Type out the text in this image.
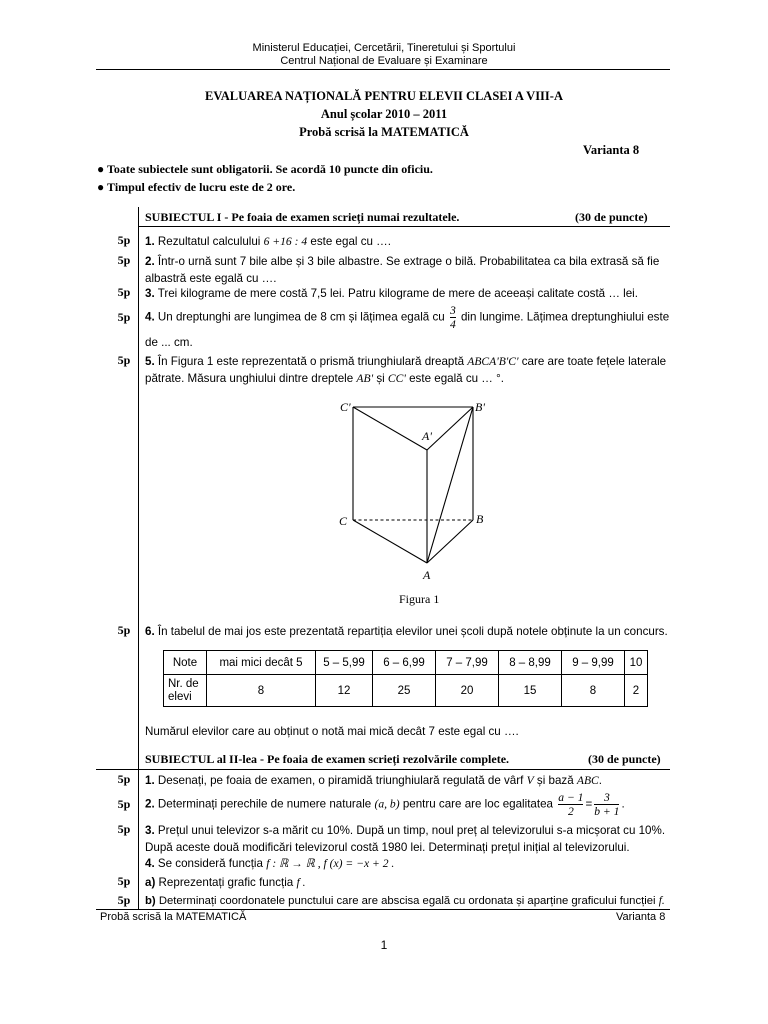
Ministerul Educației, Cercetării, Tineretului și Sportului
Centrul Național de Evaluare și Examinare
EVALUAREA NAȚIONALĂ PENTRU ELEVII CLASEI A VIII-A
Anul școlar 2010 – 2011
Probă scrisă la MATEMATICĂ
Varianta 8
● Toate subiectele sunt obligatorii. Se acordă 10 puncte din oficiu.
● Timpul efectiv de lucru este de 2 ore.
SUBIECTUL I - Pe foaia de examen scrieți numai rezultatele.	(30 de puncte)
5p
5p
5p
5p
5p
5p
5p
5p
5p
5p
5p
1. Rezultatul calculului 6 +16 : 4 este egal cu ….
2. Într-o urnă sunt 7 bile albe și 3 bile albastre. Se extrage o bilă. Probabilitatea ca bila extrasă să fie
albastră este egală cu ….
3. Trei kilograme de mere costă 7,5 lei. Patru kilograme de mere de aceeași calitate costă … lei.
4. Un dreptunghi are lungimea de 8 cm și lățimea egală cu $\frac{3}{4}$ din lungime. Lățimea dreptunghiului este
de ... cm.
5. În Figura 1 este reprezentată o prismă triunghiulară dreaptă ABCA'B'C' care are toate fețele laterale
pătrate. Măsura unghiului dintre dreptele AB' și CC' este egală cu … °.
C'	B'
A'
C	B
A
Figura 1
6. În tabelul de mai jos este prezentată repartiția elevilor unei școli după notele obținute la un concurs.
Note	mai mici decât 5	5 – 5,99	6 – 6,99	7 – 7,99	8 – 8,99	9 – 9,99	10
Nr. de elevi	8	12	25	20	15	8	2
Numărul elevilor care au obținut o notă mai mică decât 7 este egal cu ….
SUBIECTUL al II-lea - Pe foaia de examen scrieți rezolvările complete.	(30 de puncte)
1. Desenați, pe foaia de examen, o piramidă triunghiulară regulată de vârf V și bază ABC.
2. Determinați perechile de numere naturale (a, b) pentru care are loc egalitatea $\frac{a - 1}{2} = \frac{3}{b + 1}$ .
3. Prețul unui televizor s-a mărit cu 10%. După un timp, noul preț al televizorului s-a micșorat cu 10%.
După aceste două modificări televizorul costă 1980 lei. Determinați prețul inițial al televizorului.
4. Se consideră funcția f : ℝ → ℝ , f (x) = −x + 2 .
a) Reprezentați grafic funcția f .
b) Determinați coordonatele punctului care are abscisa egală cu ordonata și aparține graficului funcției f.
Probă scrisă la MATEMATICĂ	Varianta 8
1
